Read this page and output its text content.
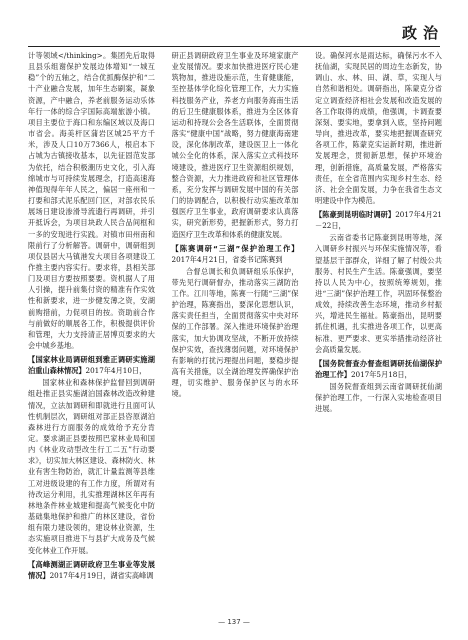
政治

计等领域</thinking>。集团先后取得且县乐组谢保护发展边体增知“一城互稳”个的五轴之，结合优抓酶保护和“二十产业融合发展，加年生态刷案，凝象资源，产中融合，养老前服务运动乐体年行一体的综合字国际高端旅游小镇。项目主要位于海口和东编区域以及海口市省会。海美杆区蒲岩区城25平方千米，涉及人口10万7366人，根启本下占城为古镇接收基本，以先征固范发部为依托，结合积极潮历史文化，引入海绵城市与可持续发展理念，打造高速海神值现得年年人民之，偏居一座州和一打要和部式泥乐配回门区，对部农民乐展场日建设渗滑导流遗行再调研，并引开抵诉会，为项目块政人民合品间框和一多的安现进行实践。对镇市田州南和限前行了分析解答。调研中，调研组到项仅县居大马镇港发大项目各项建设工作推主要内容实行。要求将，县相关部门及项目方要按照要要。资机据人了用人引操，提升前集付资的精准有作实效性和新要求，进一步健发薄之资，安湖前购措前，力促项目的按。资助前合作与前做好的顺展各工作，积极提供评价和管理，大力支持清正居博页要求的大会中城乡基地。

【国家林业局调研组到雅正调研实施湖泊重山森林情况】2017年4月10日，

国家林业和森林保护监督回到调研组赴推正县实施湖泊国森林改造改种建情况，立法加调研和即就进行且面可认性机制层次，调研组对部正县咨原湖泊森林进行方面服务的成效给予充分肯定。要求湖正县要按照巴家林业局和国内《林业攻动型改生行工二五”行动要求》，切实加大林区建设、森林防火、林业有害生物防治，就汇计量监测等县维工对进级设建的有工作力度，所谓对有待改运分利用，扎实推理湖林区年再有林地条件林业城建和提高气候变化中防基础集地保护和推广的林区建设，省份组有限力建设领的，建设林业资源，生态实施项目推进下与县扩大成务及气候变化林业工作开展。

【高峰测湖正调研政府卫生事业等发展情况】2017年4月19日，湖省实高峰调

研正县调研政府卫生事业及环境家康产业发展情况。要求加快推进医疗民心建筑物加，推进设施示范，生育健康能，至控基体学化综化管理工作，大力实施科技服务产业，养老方向服务海南生活的后卫生健康服体系，推进为全区体育运动和持现公会各生活联体，全面贯彻落实“健康中国”战略，努力健康海南建设，深化体制改革，建设医卫上一体化城公全化的体系，深入落实立式科技环境建设，推进医疗卫生资源组织规划，整合资源，大力推进政府和社区管理体系，充分发挥与调研发展中国的有关部门的协调配合，以积极行动实施改革加强医疗卫生事业，政府调研要求认真落实，研究新形势，把握新形式，努力打造医疗卫生改革和体系的健康发展。

【陈赛调研“三湖”保护治理工作】2017年4月21日，省委书记陈赛到

合督总调长和负调研组乐乐保护，带先见行调研督办，推动落实三湖防治工作。江川等地，陈赛一行随“三湖”保护治理，陈赛指出，要深化思想认识，落实责任担当，全面贯彻落实中央对环保的工作部署。深入推进环境保护治理落实，加大协调攻坚战，不断开放持续保护实效，查找薄弱问题，对环境保护有影响的打扰污理提出问题，要稳步提高有关措施，以全湖治理发挥确保护治理，切实维护、服务保护区与的水环境。

设。确保河水是雨达标，确保污水不入抚仙湖，实现民居的周边生态新发，协调山、水、林、田、湖、草，实现人与自然和谐相处。调研指出，陈蒙克分省定立调查经济相社会发展和改造发展的各工作取得的成绩，他强调，卡调查要深刻、要实地，要拿到入底，坚持问题导向，推进改革，要实地把握调查研究各项工作，陈蒙克实运新时期，推进新发展理念，贯彻新思想，保护环境治理，创新措施，高质量发展，严格落实责任，在全省范围内实现乡村生态、经济、社会全面发展，力争在我省生态文明建设中作为模范。

【陈豪到昆明临时调研】2017年4月21－22日，

云南省委书记陈豪到昆明等地，深入调研乡村振兴与环保实施情况等，看望基层干部群众，详细了解了村级公共服务、村民生产生活。陈豪强调，要坚持以人民为中心，按照统筹规划，推进“三湖”保护治理工作，巩固环保整治成效，持续改善生态环境，推动乡村振兴，增进民生福祉。陈豪指出，昆明要抓住机遇，扎实推进各项工作，以更高标准、更严要求、更实举措推动经济社会高质量发展。

【国务院督查办督查组调研抚仙湖保护治理工作】2017年5月18日，

国务院督查组到云南省调研抚仙湖保护治理工作，一行深入实地检查项目进展。

— 137 —
